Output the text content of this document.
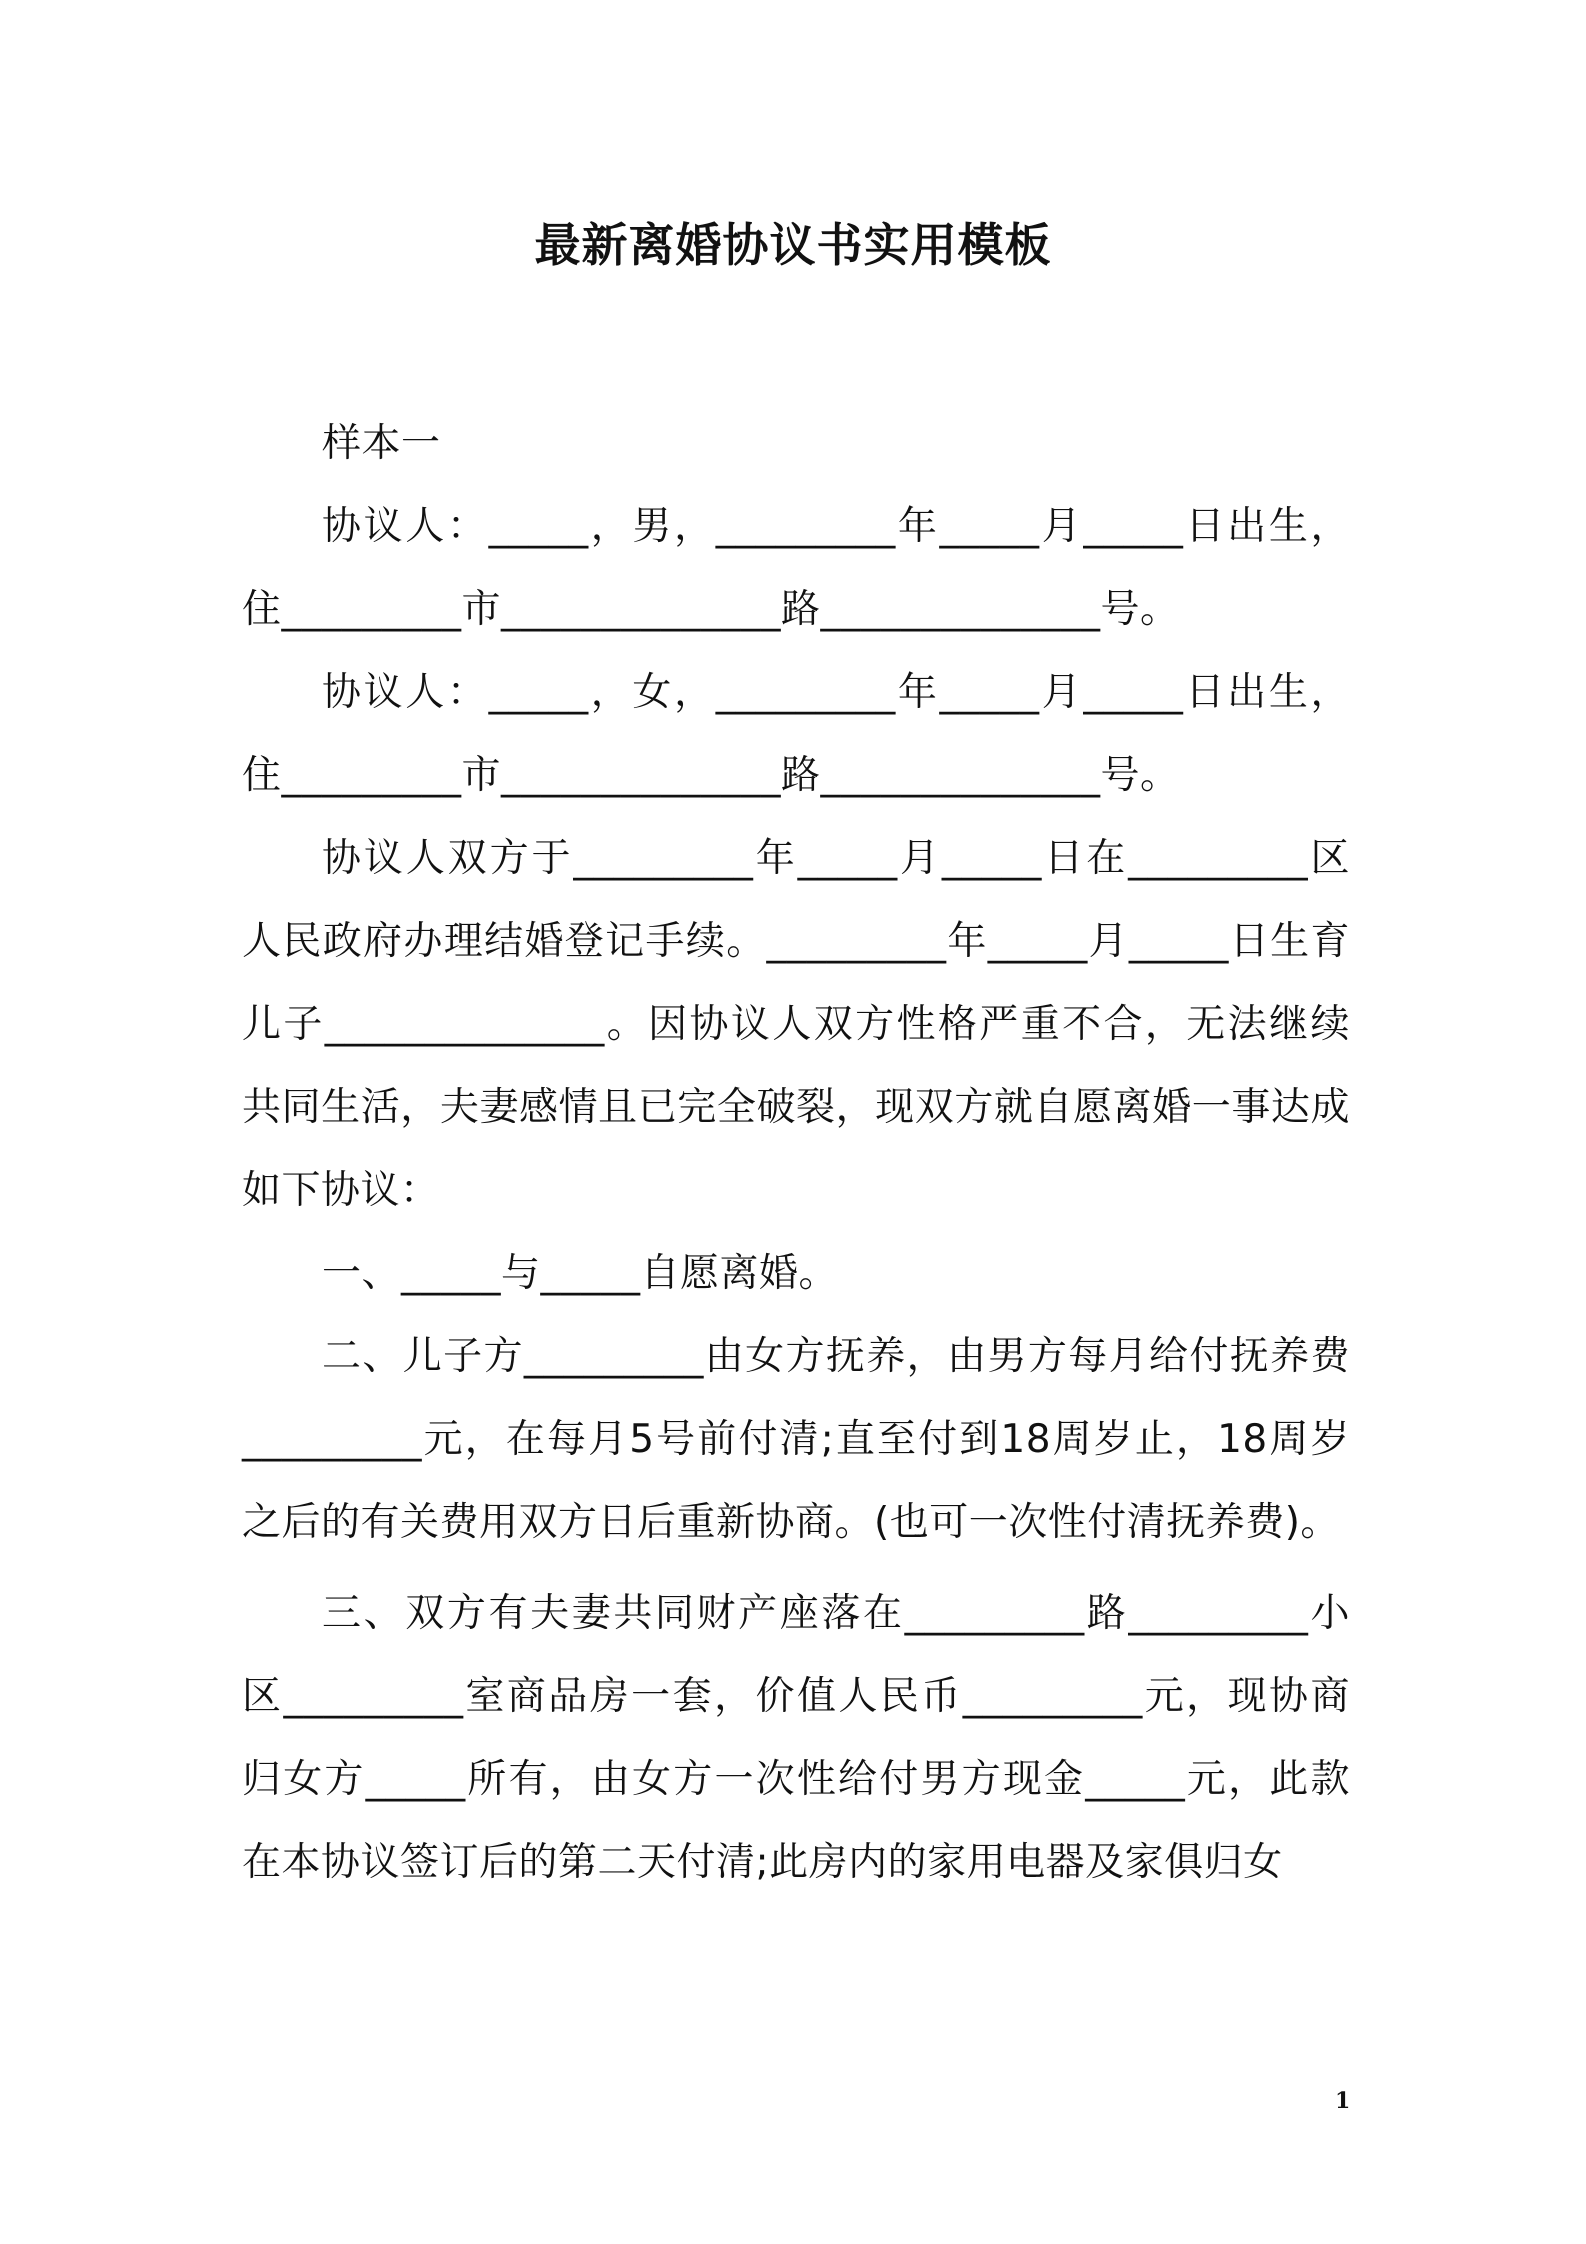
最新离婚协议书实用模板

样本一

协议人：_____，男，_________年_____月_____日出生，住_________市______________路______________号。

协议人：_____，女，_________年_____月_____日出生，住_________市______________路______________号。

协议人双方于_________年_____月_____日在_________区人民政府办理结婚登记手续。_________年_____月_____日生育儿子______________。因协议人双方性格严重不合，无法继续共同生活，夫妻感情且已完全破裂，现双方就自愿离婚一事达成如下协议：

一、_____与_____自愿离婚。

二、儿子方_________由女方抚养，由男方每月给付抚养费_________元，在每月5号前付清;直至付到18周岁止，18周岁之后的有关费用双方日后重新协商。(也可一次性付清抚养费)。

三、双方有夫妻共同财产座落在_________路_________小区_________室商品房一套，价值人民币_________元，现协商归女方_____所有，由女方一次性给付男方现金_____元，此款在本协议签订后的第二天付清;此房内的家用电器及家俱归女

1
